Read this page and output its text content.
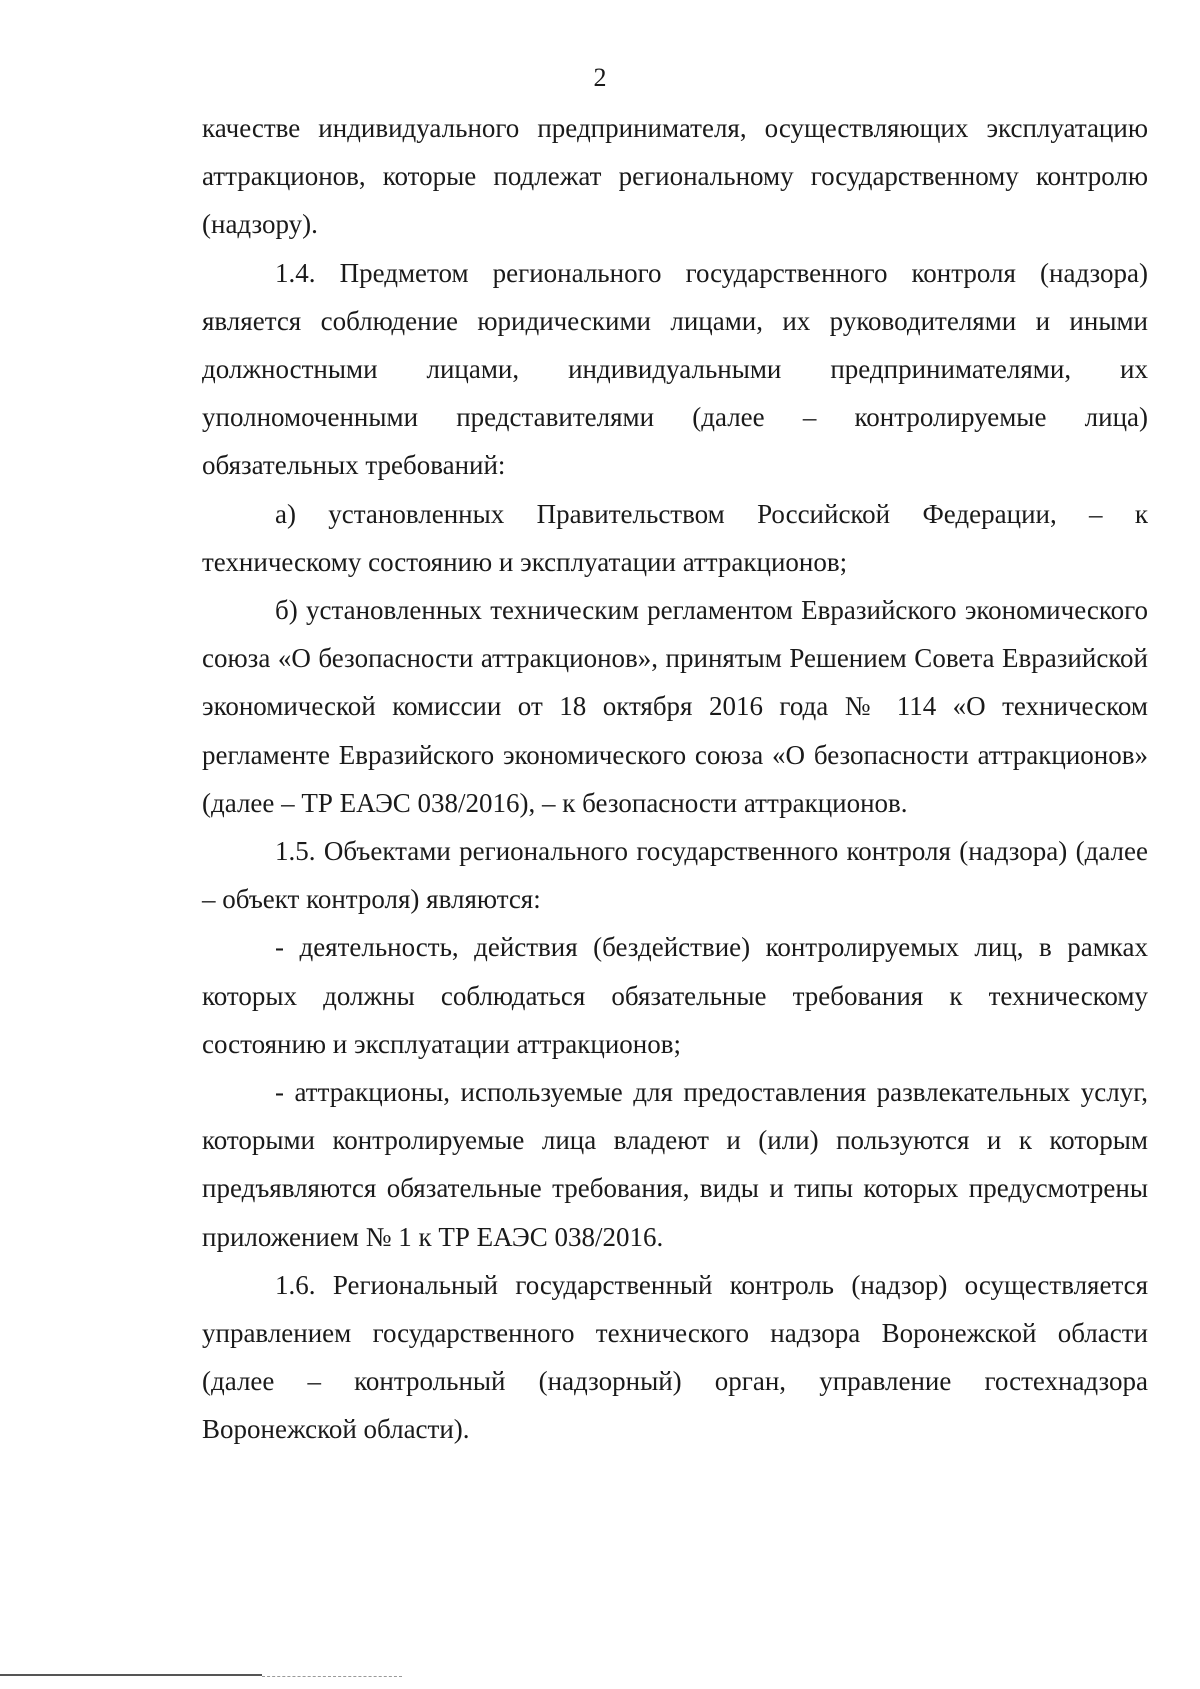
2

качестве индивидуального предпринимателя, осуществляющих эксплуатацию аттракционов, которые подлежат региональному государственному контролю (надзору).

1.4. Предметом регионального государственного контроля (надзора) является соблюдение юридическими лицами, их руководителями и иными должностными лицами, индивидуальными предпринимателями, их уполномоченными представителями (далее – контролируемые лица) обязательных требований:

а) установленных Правительством Российской Федерации, – к техническому состоянию и эксплуатации аттракционов;

б) установленных техническим регламентом Евразийского экономического союза «О безопасности аттракционов», принятым Решением Совета Евразийской экономической комиссии от 18 октября 2016 года № 114 «О техническом регламенте Евразийского экономического союза «О безопасности аттракционов» (далее – ТР ЕАЭС 038/2016), – к безопасности аттракционов.

1.5. Объектами регионального государственного контроля (надзора) (далее – объект контроля) являются:

- деятельность, действия (бездействие) контролируемых лиц, в рамках которых должны соблюдаться обязательные требования к техническому состоянию и эксплуатации аттракционов;

- аттракционы, используемые для предоставления развлекательных услуг, которыми контролируемые лица владеют и (или) пользуются и к которым предъявляются обязательные требования, виды и типы которых предусмотрены приложением № 1 к ТР ЕАЭС 038/2016.

1.6. Региональный государственный контроль (надзор) осуществляется управлением государственного технического надзора Воронежской области (далее – контрольный (надзорный) орган, управление гостехнадзора Воронежской области).
